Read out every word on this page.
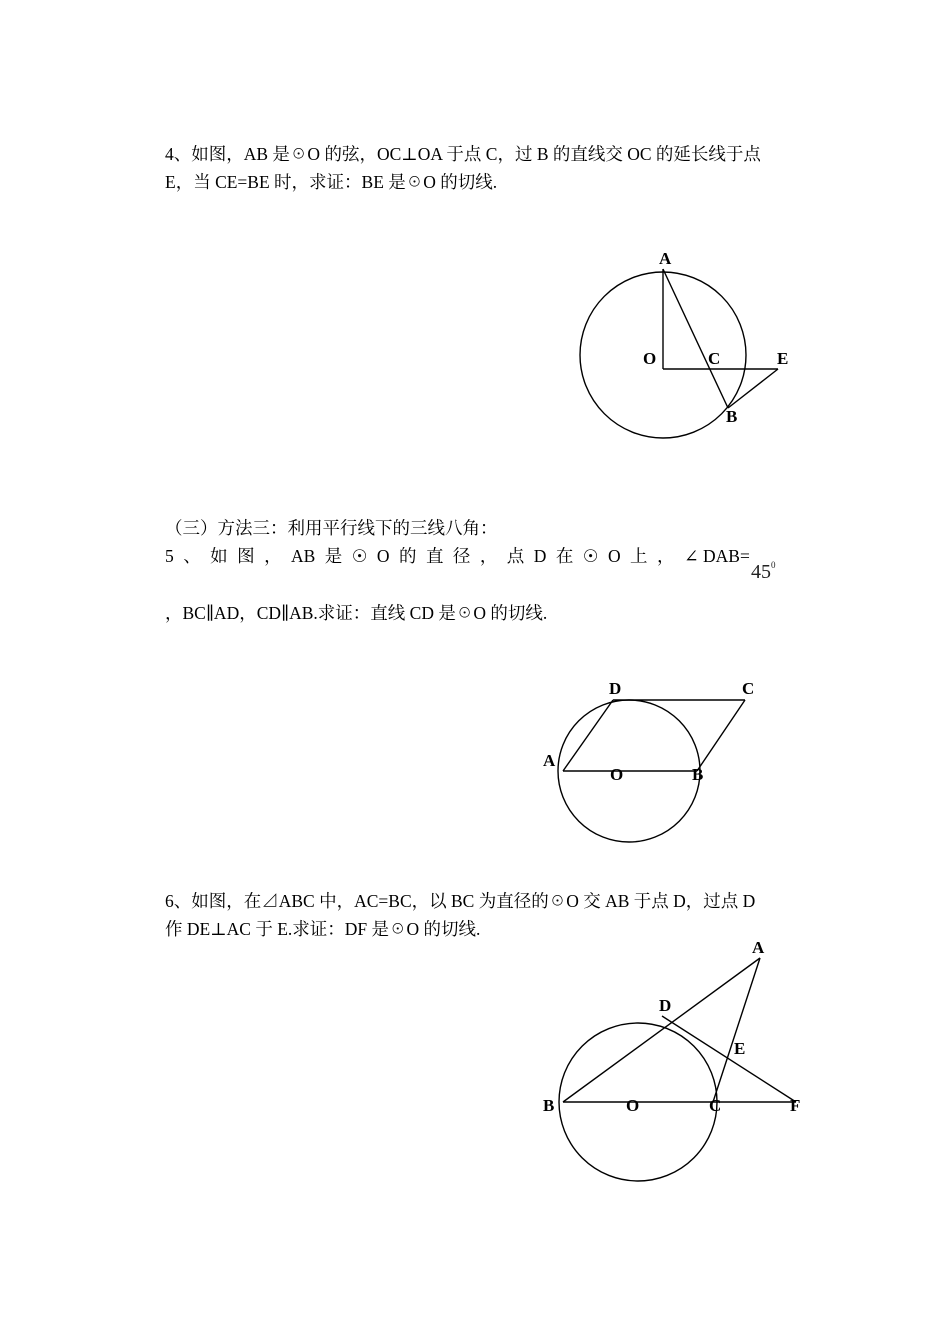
4、如图，AB 是☉O 的弦，OC⊥OA 于点 C，过 B 的直线交 OC 的延长线于点
E，当 CE=BE 时，求证：BE 是☉O 的切线.
A
O	C	E
B
（三）方法三：利用平行线下的三线八角：
5 、 如 图 ， AB 是 ☉ O 的 直 径 ， 点 D 在 ☉ O 上 ， ∠ DAB=
$45^0$
，BC∥AD，CD∥AB.求证：直线 CD 是☉O 的切线.
D	C
A
O	B
6、如图，在⊿ABC 中，AC=BC，以 BC 为直径的☉O 交 AB 于点 D，过点 D
作 DE⊥AC 于 E.求证：DF 是☉O 的切线.
A
D
E
B	O	C	F
